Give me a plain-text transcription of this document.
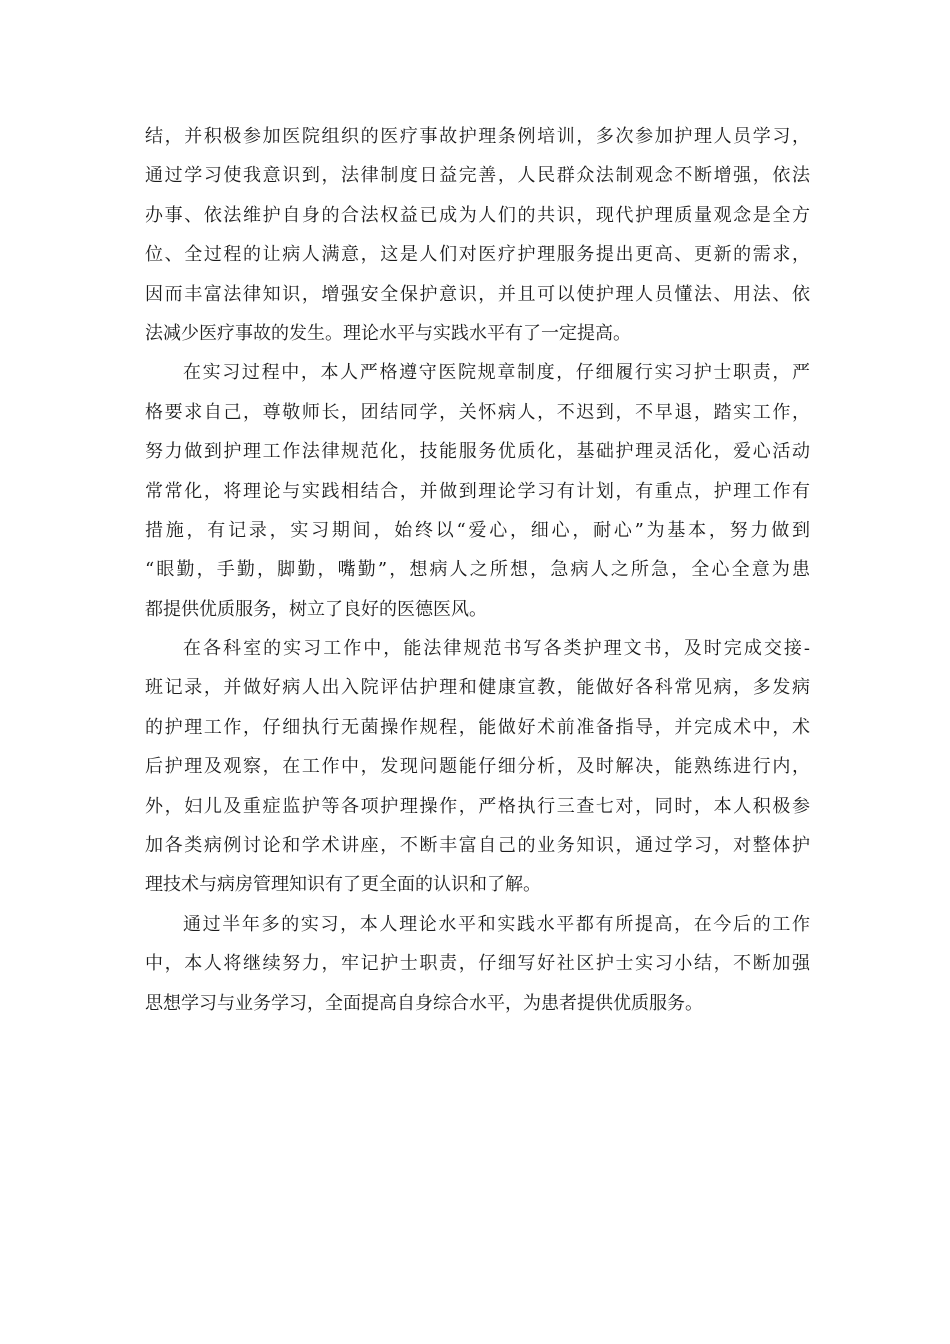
结，并积极参加医院组织的医疗事故护理条例培训，多次参加护理人员学习，
通过学习使我意识到，法律制度日益完善，人民群众法制观念不断增强，依法
办事、依法维护自身的合法权益已成为人们的共识，现代护理质量观念是全方
位、全过程的让病人满意，这是人们对医疗护理服务提出更高、更新的需求，
因而丰富法律知识，增强安全保护意识，并且可以使护理人员懂法、用法、依
法减少医疗事故的发生。理论水平与实践水平有了一定提高。
在实习过程中，本人严格遵守医院规章制度，仔细履行实习护士职责，严
格要求自己，尊敬师长，团结同学，关怀病人，不迟到，不早退，踏实工作，
努力做到护理工作法律规范化，技能服务优质化，基础护理灵活化，爱心活动
常常化，将理论与实践相结合，并做到理论学习有计划，有重点，护理工作有
措施，有记录，实习期间，始终以“爱心，细心，耐心”为基本，努力做到
“眼勤，手勤，脚勤，嘴勤”，想病人之所想，急病人之所急，全心全意为患
都提供优质服务，树立了良好的医德医风。
在各科室的实习工作中，能法律规范书写各类护理文书，及时完成交接-
班记录，并做好病人出入院评估护理和健康宣教，能做好各科常见病，多发病
的护理工作，仔细执行无菌操作规程，能做好术前准备指导，并完成术中，术
后护理及观察，在工作中，发现问题能仔细分析，及时解决，能熟练进行内，
外，妇儿及重症监护等各项护理操作，严格执行三查七对，同时，本人积极参
加各类病例讨论和学术讲座，不断丰富自己的业务知识，通过学习，对整体护
理技术与病房管理知识有了更全面的认识和了解。
通过半年多的实习，本人理论水平和实践水平都有所提高，在今后的工作
中，本人将继续努力，牢记护士职责，仔细写好社区护士实习小结，不断加强
思想学习与业务学习，全面提高自身综合水平，为患者提供优质服务。
